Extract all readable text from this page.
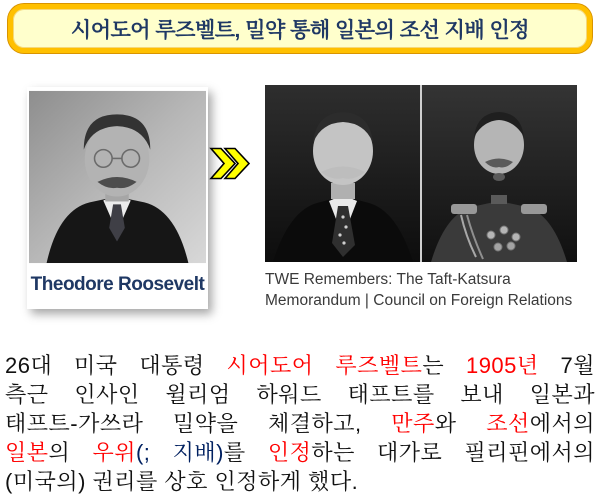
시어도어 루즈벨트, 밀약 통해 일본의 조선 지배 인정
Theodore Roosevelt	TWE Remembers: The Taft-Katsura
Memorandum | Council on Foreign Relations
26대 미국 대통령 시어도어 루즈벨트는 1905년 7월
측근 인사인 윌리엄 하워드 태프트를 보내 일본과
태프트-가쓰라 밀약을 체결하고, 만주와 조선에서의
일본의 우위(; 지배)를 인정하는 대가로 필리핀에서의
(미국의) 권리를 상호 인정하게 했다.
